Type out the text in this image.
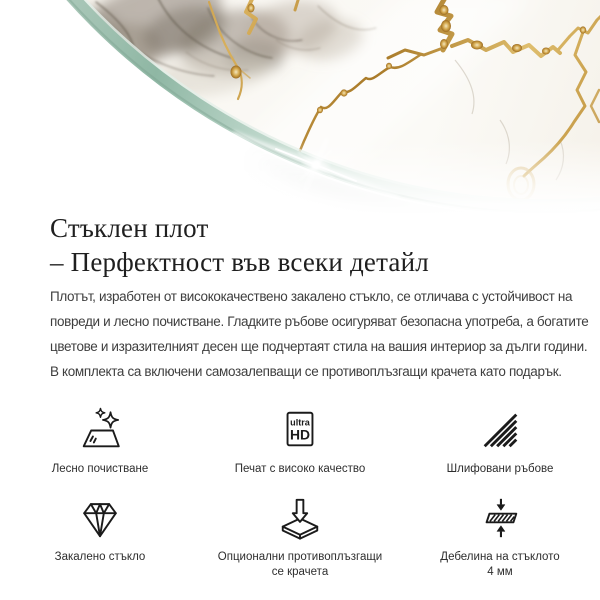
Стъклен плот
– Перфектност във всеки детайл

Плотът, изработен от висококачествено закалено стъкло, се отличава с устойчивост на
повреди и лесно почистване. Гладките ръбове осигуряват безопасна употреба, а богатите
цветове и изразителният десен ще подчертаят стила на вашия интериор за дълги години.
В комплекта са включени самозалепващи се противоплъзгащи крачета като подарък.

Лесно почистване
ultra
HD
Печат с високо качество	Шлифовани ръбове
Закалено стъкло	Опционални противоплъзгащи
се крачета
Дебелина на стъклото
4 мм
